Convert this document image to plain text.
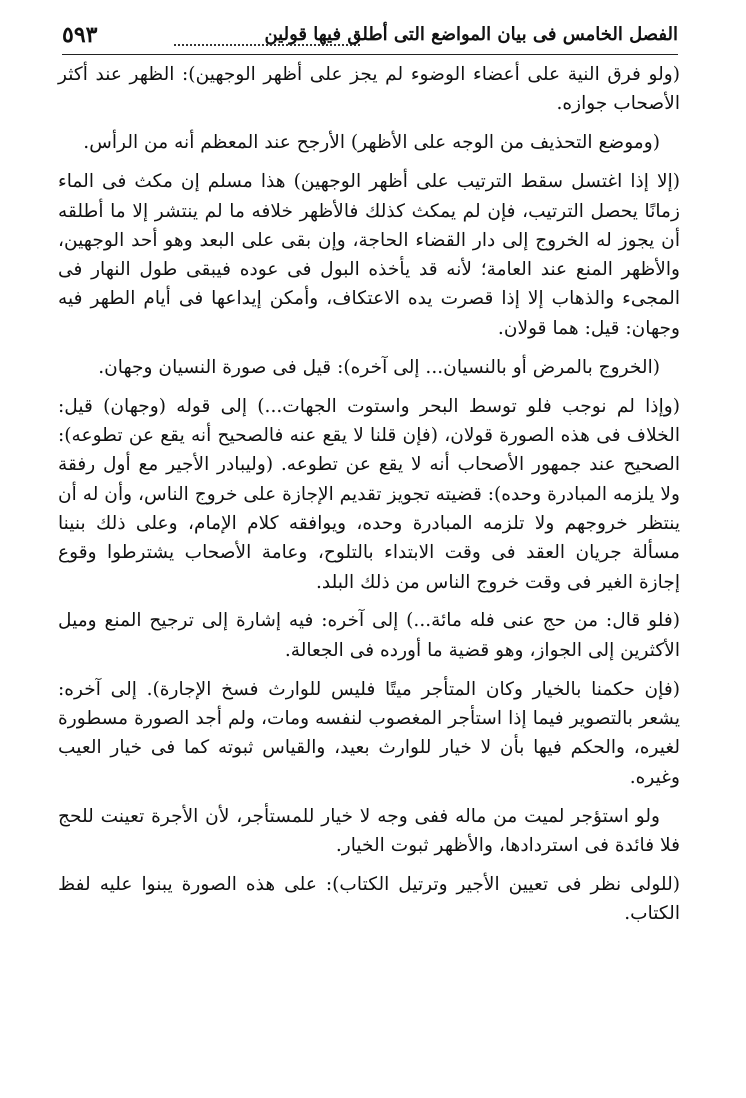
الفصل الخامس فى بيان المواضع التى أطلق فيها قولين
٥٩٣

(ولو فرق النية على أعضاء الوضوء لم يجز على أظهر الوجهين): الظهر عند أكثر الأصحاب جوازه.

(وموضع التحذيف من الوجه على الأظهر) الأرجح عند المعظم أنه من الرأس.

(إلا إذا اغتسل سقط الترتيب على أظهر الوجهين) هذا مسلم إن مكث فى الماء زمانًا يحصل الترتيب، فإن لم يمكث كذلك فالأظهر خلافه ما لم ينتشر إلا ما أطلقه أن يجوز له الخروج إلى دار القضاء الحاجة، وإن بقى على البعد وهو أحد الوجهين، والأظهر المنع عند العامة؛ لأنه قد يأخذه البول فى عوده فيبقى طول النهار فى المجىء والذهاب إلا إذا قصرت يده الاعتكاف، وأمكن إيداعها فى أيام الطهر فيه وجهان: قيل: هما قولان.

(الخروج بالمرض أو بالنسيان... إلى آخره): قيل فى صورة النسيان وجهان.

(وإذا لم نوجب فلو توسط البحر واستوت الجهات...) إلى قوله (وجهان) قيل: الخلاف فى هذه الصورة قولان، (فإن قلنا لا يقع عنه فالصحيح أنه يقع عن تطوعه): الصحيح عند جمهور الأصحاب أنه لا يقع عن تطوعه. (وليبادر الأجير مع أول رفقة ولا يلزمه المبادرة وحده): قضيته تجويز تقديم الإجازة على خروج الناس، وأن له أن ينتظر خروجهم ولا تلزمه المبادرة وحده، ويوافقه كلام الإمام، وعلى ذلك بنينا مسألة جريان العقد فى وقت الابتداء بالتلوح، وعامة الأصحاب يشترطوا وقوع إجازة الغير فى وقت خروج الناس من ذلك البلد.

(فلو قال: من حج عنى فله مائة...) إلى آخره: فيه إشارة إلى ترجيح المنع وميل الأكثرين إلى الجواز، وهو قضية ما أورده فى الجعالة.

(فإن حكمنا بالخيار وكان المتأجر ميتًا فليس للوارث فسخ الإجارة). إلى آخره: يشعر بالتصوير فيما إذا استأجر المغصوب لنفسه ومات، ولم أجد الصورة مسطورة لغيره، والحكم فيها بأن لا خيار للوارث بعيد، والقياس ثبوته كما فى خيار العيب وغيره.

ولو استؤجر لميت من ماله ففى وجه لا خيار للمستأجر، لأن الأجرة تعينت للحج فلا فائدة فى استردادها، والأظهر ثبوت الخيار.

(للولى نظر فى تعيين الأجير وترتيل الكتاب): على هذه الصورة يبنوا عليه لفظ الكتاب.
